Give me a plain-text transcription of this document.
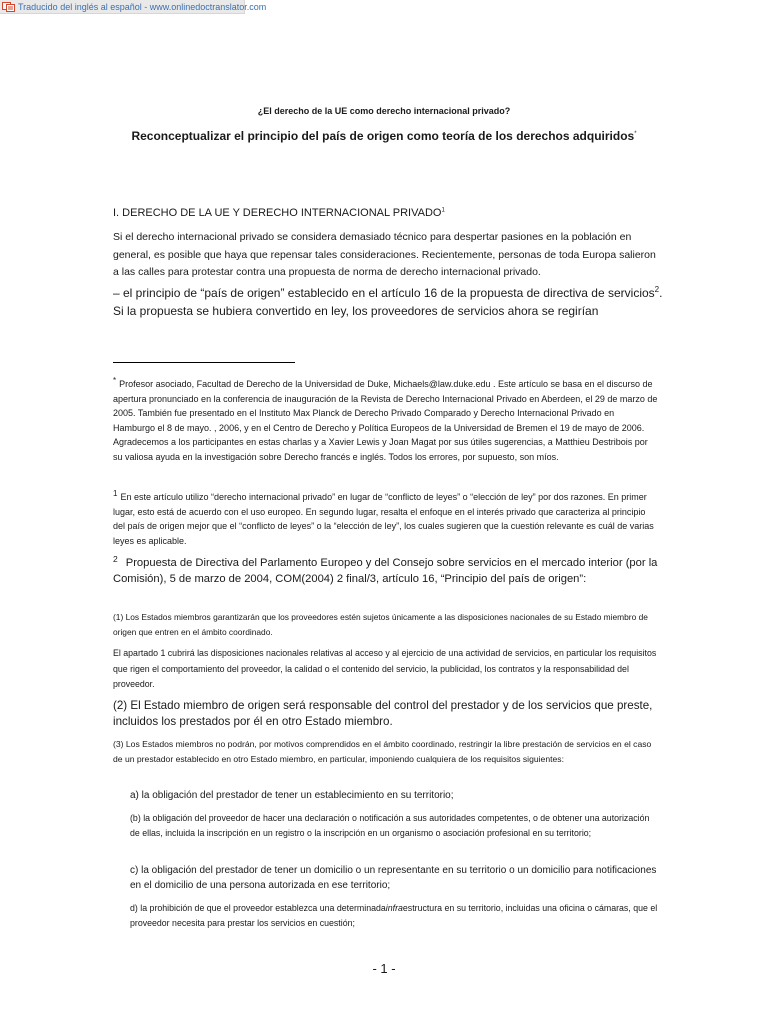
Traducido del inglés al español - www.onlinedoctranslator.com
¿El derecho de la UE como derecho internacional privado?
Reconceptualizar el principio del país de origen como teoría de los derechos adquiridos*
I. DERECHO DE LA UE Y DERECHO INTERNACIONAL PRIVADO$^1$
Si el derecho internacional privado se considera demasiado técnico para despertar pasiones en la población en general, es posible que haya que repensar tales consideraciones. Recientemente, personas de toda Europa salieron a las calles para protestar contra una propuesta de norma de derecho internacional privado.
– el principio de “país de origen” establecido en el artículo 16 de la propuesta de directiva de servicios$^2$. Si la propuesta se hubiera convertido en ley, los proveedores de servicios ahora se regirían
* Profesor asociado, Facultad de Derecho de la Universidad de Duke, Michaels@law.duke.edu . Este artículo se basa en el discurso de apertura pronunciado en la conferencia de inauguración de la Revista de Derecho Internacional Privado en Aberdeen, el 29 de marzo de 2005. También fue presentado en el Instituto Max Planck de Derecho Privado Comparado y Derecho Internacional Privado en Hamburgo el 8 de mayo. , 2006, y en el Centro de Derecho y Política Europeos de la Universidad de Bremen el 19 de mayo de 2006. Agradecemos a los participantes en estas charlas y a Xavier Lewis y Joan Magat por sus útiles sugerencias, a Matthieu Destribois por su valiosa ayuda en la investigación sobre Derecho francés e inglés. Todos los errores, por supuesto, son míos.
$^1$ En este artículo utilizo “derecho internacional privado” en lugar de “conflicto de leyes” o “elección de ley” por dos razones. En primer lugar, esto está de acuerdo con el uso europeo. En segundo lugar, resalta el enfoque en el interés privado que caracteriza al principio del país de origen mejor que el “conflicto de leyes” o la “elección de ley”, los cuales sugieren que la cuestión relevante es cuál de varias leyes es aplicable.
$^2$ Propuesta de Directiva del Parlamento Europeo y del Consejo sobre servicios en el mercado interior (por la Comisión), 5 de marzo de 2004, COM(2004) 2 final/3, artículo 16, “Principio del país de origen”:
(1) Los Estados miembros garantizarán que los proveedores estén sujetos únicamente a las disposiciones nacionales de su Estado miembro de origen que entren en el ámbito coordinado.
El apartado 1 cubrirá las disposiciones nacionales relativas al acceso y al ejercicio de una actividad de servicios, en particular los requisitos que rigen el comportamiento del proveedor, la calidad o el contenido del servicio, la publicidad, los contratos y la responsabilidad del proveedor.
(2) El Estado miembro de origen será responsable del control del prestador y de los servicios que preste, incluidos los prestados por él en otro Estado miembro.
(3) Los Estados miembros no podrán, por motivos comprendidos en el ámbito coordinado, restringir la libre prestación de servicios en el caso de un prestador establecido en otro Estado miembro, en particular, imponiendo cualquiera de los requisitos siguientes:
a) la obligación del prestador de tener un establecimiento en su territorio;
(b) la obligación del proveedor de hacer una declaración o notificación a sus autoridades competentes, o de obtener una autorización de ellas, incluida la inscripción en un registro o la inscripción en un organismo o asociación profesional en su territorio;
c) la obligación del prestador de tener un domicilio o un representante en su territorio o un domicilio para notificaciones en el domicilio de una persona autorizada en ese territorio;
d) la prohibición de que el proveedor establezca una determinadainfraestructura en su territorio, incluidas una oficina o cámaras, que el proveedor necesita para prestar los servicios en cuestión;
- 1 -
